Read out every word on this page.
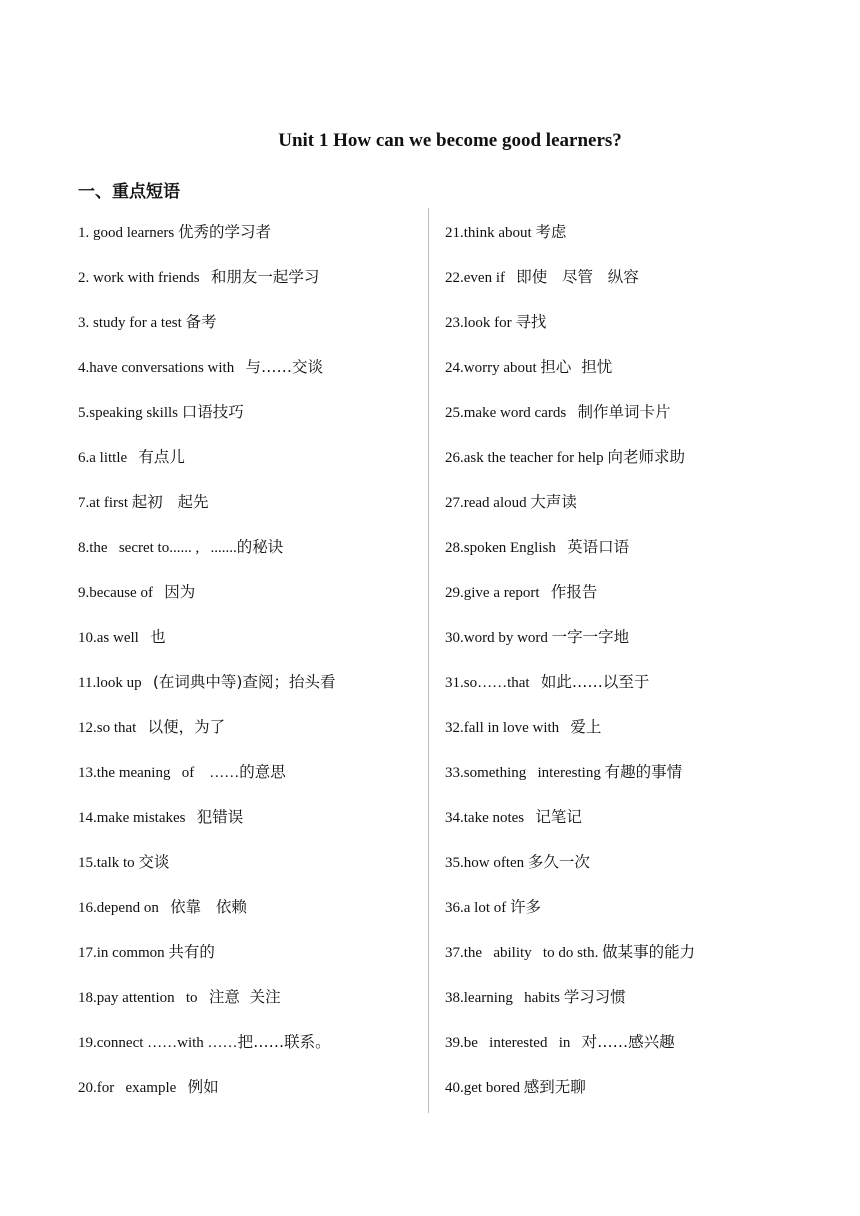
Unit 1 How can we become good learners?
一、重点短语
1. good learners 优秀的学习者
2. work with friends   和朋友一起学习
3. study for a test 备考
4.have conversations with   与……交谈
5.speaking skills 口语技巧
6.a little   有点儿
7.at first 起初   起先
8.the   secret to...... ,   .......的秘诀
9.because of   因为
10.as well   也
11.look up   (在词典中等)查阅；抬头看
12.so that   以便，为了
13.the meaning   of    ……的意思
14.make mistakes   犯错误
15.talk to 交谈
16.depend on   依靠   依赖
17.in common 共有的
18.pay attention   to   注意  关注
19.connect ……with ……把……联系。
20.for   example   例如
21.think about 考虑
22.even if   即使   尽管   纵容
23.look for 寻找
24.worry about 担心  担忧
25.make word cards   制作单词卡片
26.ask the teacher for help 向老师求助
27.read aloud 大声读
28.spoken English   英语口语
29.give a report   作报告
30.word by word 一字一字地
31.so……that   如此……以至于
32.fall in love with   爱上
33.something   interesting 有趣的事情
34.take notes   记笔记
35.how often 多久一次
36.a lot of 许多
37.the   ability   to do sth. 做某事的能力
38.learning   habits 学习习惯
39.be   interested   in   对……感兴趣
40.get bored 感到无聊
